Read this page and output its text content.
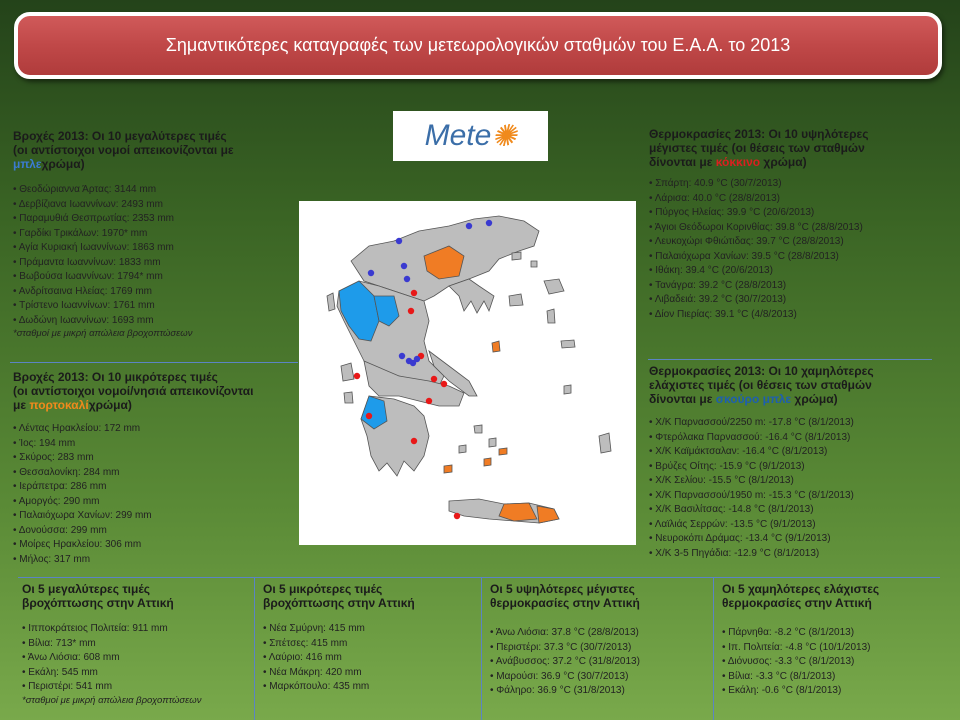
Σημαντικότερες καταγραφές των μετεωρολογικών σταθμών του Ε.Α.Α. το 2013
Mete ✺
Βροχές 2013: Οι 10 μεγαλύτερες τιμές
(οι αντίστοιχοι νομοί απεικονίζονται με
μπλεχρώμα)
• Θεοδώριαννα Άρτας: 3144 mm
• Δερβίζιανα Ιωαννίνων: 2493 mm
• Παραμυθιά Θεσπρωτίας: 2353 mm
• Γαρδίκι Τρικάλων: 1970* mm
• Αγία Κυριακή Ιωαννίνων: 1863 mm
• Πράμαντα Ιωαννίνων: 1833 mm
• Βωβούσα Ιωαννίνων: 1794* mm
• Ανδρίτσαινα Ηλείας: 1769 mm
• Τρίστενο Ιωαννίνων: 1761 mm
• Δωδώνη Ιωαννίνων: 1693 mm
*σταθμοί με μικρή απώλεια βροχοπτώσεων
Βροχές 2013: Οι 10 μικρότερες τιμές
(οι αντίστοιχοι νομοί/νησιά απεικονίζονται
με πορτοκαλίχρώμα)
• Λέντας Ηρακλείου: 172 mm
• Ίος: 194 mm
• Σκύρος: 283 mm
• Θεσσαλονίκη: 284 mm
• Ιεράπετρα: 286 mm
• Αμοργός: 290 mm
• Παλαιόχωρα Χανίων: 299 mm
• Δονούσσα: 299 mm
• Μοίρες Ηρακλείου: 306 mm
• Μήλος: 317 mm
Θερμοκρασίες 2013: Οι 10 υψηλότερες
μέγιστες τιμές (οι θέσεις των σταθμών
δίνονται με κόκκινο χρώμα)
• Σπάρτη: 40.9 °C (30/7/2013)
• Λάρισα: 40.0 °C (28/8/2013)
• Πύργος Ηλείας: 39.9 °C (20/6/2013)
• Άγιοι Θεόδωροι Κορινθίας: 39.8 °C (28/8/2013)
• Λευκοχώρι Φθιώτιδας: 39.7 °C (28/8/2013)
• Παλαιόχωρα Χανίων: 39.5 °C (28/8/2013)
• Ιθάκη: 39.4 °C (20/6/2013)
• Τανάγρα: 39.2 °C (28/8/2013)
• Λιβαδειά: 39.2 °C (30/7/2013)
• Δίον Πιερίας: 39.1 °C (4/8/2013)
Θερμοκρασίες 2013: Οι 10 χαμηλότερες
ελάχιστες τιμές (οι θέσεις των σταθμών
δίνονται με σκούρο μπλε χρώμα)
• Χ/Κ Παρνασσού/2250 m: -17.8 °C (8/1/2013)
• Φτερόλακα Παρνασσού: -16.4 °C (8/1/2013)
• Χ/Κ Καϊμάκτσαλαν: -16.4 °C (8/1/2013)
• Βρύζες Οίτης: -15.9 °C (9/1/2013)
• Χ/Κ Σελίου: -15.5 °C (8/1/2013)
• Χ/Κ Παρνασσού/1950 m: -15.3 °C (8/1/2013)
• Χ/Κ Βασιλίτσας: -14.8 °C (8/1/2013)
• Λαϊλιάς Σερρών: -13.5 °C (9/1/2013)
• Νευροκόπι Δράμας: -13.4 °C (9/1/2013)
• Χ/Κ 3-5 Πηγάδια: -12.9 °C (8/1/2013)
Οι 5 μεγαλύτερες τιμές
βροχόπτωσης στην Αττική
• Ιπποκράτειος Πολιτεία: 911 mm
• Βίλια: 713* mm
• Άνω Λιόσια: 608 mm
• Εκάλη: 545 mm
• Περιστέρι: 541 mm
*σταθμοί με μικρή απώλεια βροχοπτώσεων
Οι 5 μικρότερες τιμές
βροχόπτωσης στην Αττική
• Νέα Σμύρνη: 415 mm
• Σπέτσες: 415 mm
• Λαύριο: 416 mm
• Νέα Μάκρη: 420 mm
• Μαρκόπουλο: 435 mm
Οι 5 υψηλότερες μέγιστες
θερμοκρασίες στην Αττική
• Άνω Λιόσια: 37.8 °C (28/8/2013)
• Περιστέρι: 37.3 °C (30/7/2013)
• Ανάβυσσος: 37.2 °C (31/8/2013)
• Μαρούσι: 36.9 °C (30/7/2013)
• Φάληρο: 36.9 °C (31/8/2013)
Οι 5 χαμηλότερες ελάχιστες
θερμοκρασίες στην Αττική
• Πάρνηθα: -8.2 °C (8/1/2013)
• Ιπ. Πολιτεία: -4.8 °C (10/1/2013)
• Διόνυσος: -3.3 °C (8/1/2013)
• Βίλια: -3.3 °C (8/1/2013)
• Εκάλη: -0.6 °C (8/1/2013)
